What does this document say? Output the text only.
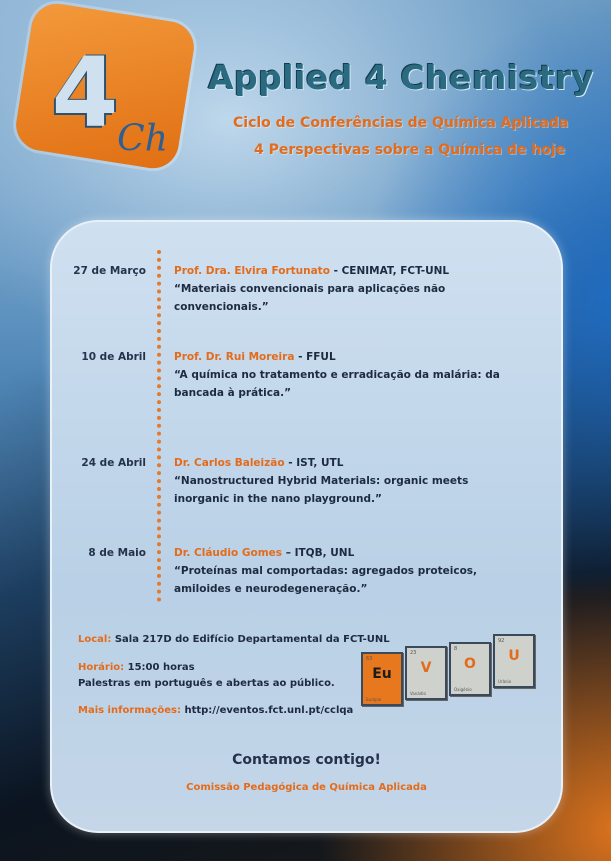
4
Ch
Applied 4 Chemistry
Ciclo de Conferências de Química Aplicada
4 Perspectivas sobre a Química de hoje
27 de Março	Prof. Dra. Elvira Fortunato - CENIMAT, FCT-UNL
“Materiais convencionais para aplicações não convencionais.”
10 de Abril	Prof. Dr. Rui Moreira - FFUL
“A química no tratamento e erradicação da malária: da bancada à prática.”
24 de Abril	Dr. Carlos Baleizão - IST, UTL
“Nanostructured Hybrid Materials: organic meets inorganic in the nano playground.”
8 de Maio	Dr. Cláudio Gomes – ITQB, UNL
“Proteínas mal comportadas: agregados proteicos, amiloides e neurodegeneração.”
Local: Sala 217D do Edifício Departamental da FCT-UNL
Horário: 15:00 horas
Palestras em português e abertas ao público.
Mais informações: http://eventos.fct.unl.pt/cclqa
63
Eu
Európio
23
V
Vanádio
8
O
Oxigénio
92
U
Urânio
Contamos contigo!
Comissão Pedagógica de Química Aplicada
